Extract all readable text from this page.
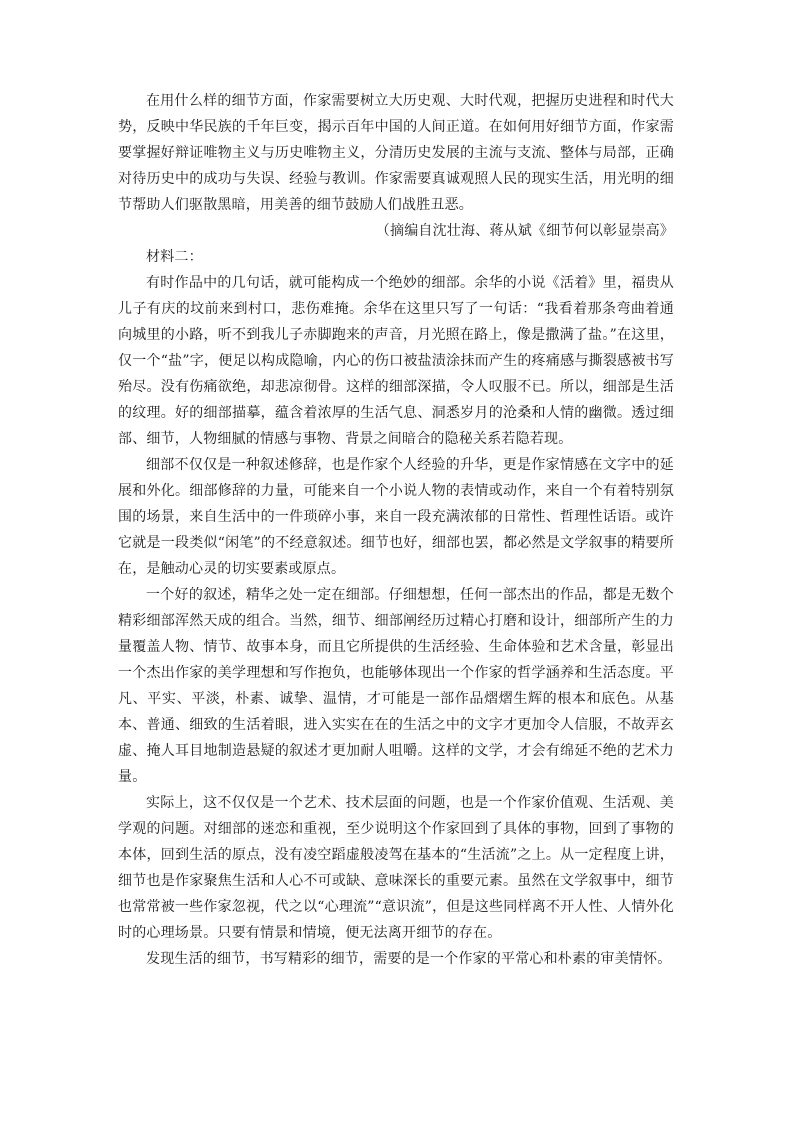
在用什么样的细节方面，作家需要树立大历史观、大时代观，把握历史进程和时代大势，反映中华民族的千年巨变，揭示百年中国的人间正道。在如何用好细节方面，作家需要掌握好辩证唯物主义与历史唯物主义，分清历史发展的主流与支流、整体与局部，正确对待历史中的成功与失误、经验与教训。作家需要真诚观照人民的现实生活，用光明的细节帮助人们驱散黑暗，用美善的细节鼓励人们战胜丑恶。

（摘编自沈壮海、蒋从斌《细节何以彰显崇高》

材料二：

有时作品中的几句话，就可能构成一个绝妙的细部。余华的小说《活着》里，福贵从儿子有庆的坟前来到村口，悲伤难掩。余华在这里只写了一句话：“我看着那条弯曲着通向城里的小路，听不到我儿子赤脚跑来的声音，月光照在路上，像是撒满了盐。”在这里，仅一个“盐”字，便足以构成隐喻，内心的伤口被盐渍涂抹而产生的疼痛感与撕裂感被书写殆尽。没有伤痛欲绝，却悲凉彻骨。这样的细部深描，令人叹服不已。所以，细部是生活的纹理。好的细部描摹，蕴含着浓厚的生活气息、洞悉岁月的沧桑和人情的幽微。透过细部、细节，人物细腻的情感与事物、背景之间暗合的隐秘关系若隐若现。

细部不仅仅是一种叙述修辞，也是作家个人经验的升华，更是作家情感在文字中的延展和外化。细部修辞的力量，可能来自一个小说人物的表情或动作，来自一个有着特别氛围的场景，来自生活中的一件琐碎小事，来自一段充满浓郁的日常性、哲理性话语。或许它就是一段类似“闲笔”的不经意叙述。细节也好，细部也罢，都必然是文学叙事的精要所在，是触动心灵的切实要素或原点。

一个好的叙述，精华之处一定在细部。仔细想想，任何一部杰出的作品，都是无数个精彩细部浑然天成的组合。当然，细节、细部阐经历过精心打磨和设计，细部所产生的力量覆盖人物、情节、故事本身，而且它所提供的生活经验、生命体验和艺术含量，彰显出一个杰出作家的美学理想和写作抱负，也能够体现出一个作家的哲学涵养和生活态度。平凡、平实、平淡，朴素、诚挚、温情，才可能是一部作品熠熠生辉的根本和底色。从基本、普通、细致的生活着眼，进入实实在在的生活之中的文字才更加令人信服，不故弄玄虚、掩人耳目地制造悬疑的叙述才更加耐人咀嚼。这样的文学，才会有绵延不绝的艺术力量。

实际上，这不仅仅是一个艺术、技术层面的问题，也是一个作家价值观、生活观、美学观的问题。对细部的迷恋和重视，至少说明这个作家回到了具体的事物，回到了事物的本体，回到生活的原点，没有凌空蹈虚般凌驾在基本的“生活流”之上。从一定程度上讲，细节也是作家聚焦生活和人心不可或缺、意味深长的重要元素。虽然在文学叙事中，细节也常常被一些作家忽视，代之以“心理流”“意识流”，但是这些同样离不开人性、人情外化时的心理场景。只要有情景和情境，便无法离开细节的存在。

发现生活的细节，书写精彩的细节，需要的是一个作家的平常心和朴素的审美情怀。
